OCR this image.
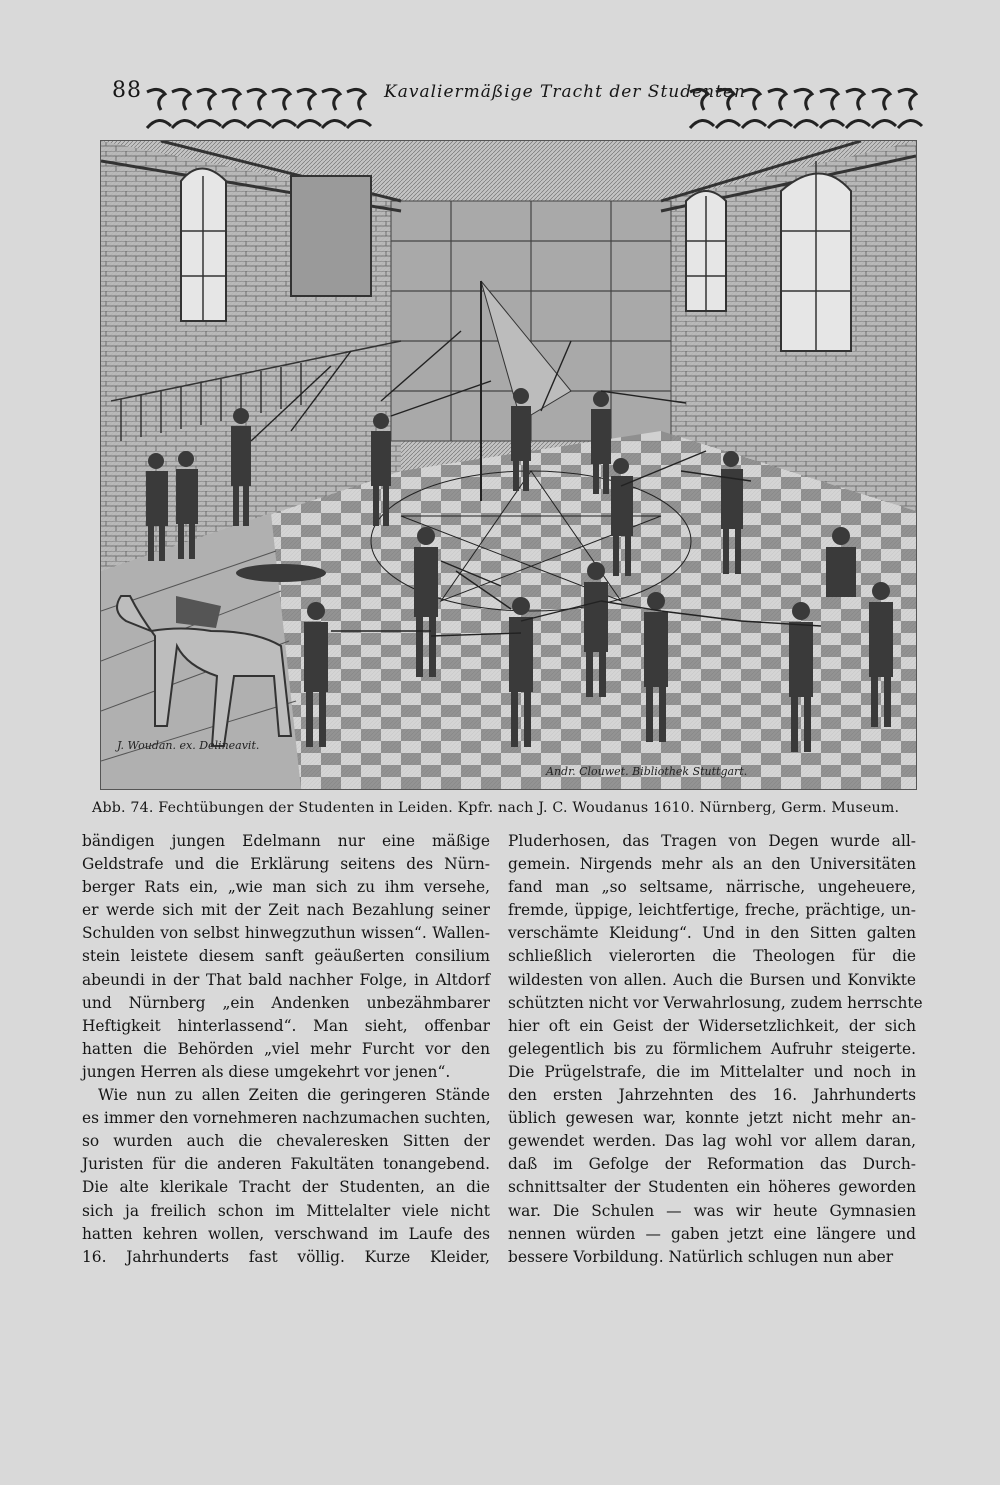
88	Kavaliermäßige Tracht der Studenten
J. Woudan. ex. Delineavit.
Andr. Clouwet. Bibliothek Stuttgart.
Abb. 74. Fechtübungen der Studenten in Leiden. Kpfr. nach J. C. Woudanus 1610. Nürnberg, Germ. Museum.
bändigen jungen Edelmann nur eine mäßige
Geldstrafe und die Erklärung seitens des Nürn-
berger Rats ein, „wie man sich zu ihm versehe,
er werde sich mit der Zeit nach Bezahlung seiner
Schulden von selbst hinwegzuthun wissen“. Wallen-
stein leistete diesem sanft geäußerten consilium
abeundi in der That bald nachher Folge, in Altdorf
und Nürnberg „ein Andenken unbezähmbarer
Heftigkeit hinterlassend“. Man sieht, offenbar
hatten die Behörden „viel mehr Furcht vor den
jungen Herren als diese umgekehrt vor jenen“.
Wie nun zu allen Zeiten die geringeren Stände
es immer den vornehmeren nachzumachen suchten,
so wurden auch die chevaleresken Sitten der
Juristen für die anderen Fakultäten tonangebend.
Die alte klerikale Tracht der Studenten, an die
sich ja freilich schon im Mittelalter viele nicht
hatten kehren wollen, verschwand im Laufe des
16. Jahrhunderts fast völlig. Kurze Kleider,
Pluderhosen, das Tragen von Degen wurde all-
gemein. Nirgends mehr als an den Universitäten
fand man „so seltsame, närrische, ungeheuere,
fremde, üppige, leichtfertige, freche, prächtige, un-
verschämte Kleidung“. Und in den Sitten galten
schließlich vielerorten die Theologen für die
wildesten von allen. Auch die Bursen und Konvikte
schützten nicht vor Verwahrlosung, zudem herrschte
hier oft ein Geist der Widersetzlichkeit, der sich
gelegentlich bis zu förmlichem Aufruhr steigerte.
Die Prügelstrafe, die im Mittelalter und noch in
den ersten Jahrzehnten des 16. Jahrhunderts
üblich gewesen war, konnte jetzt nicht mehr an-
gewendet werden. Das lag wohl vor allem daran,
daß im Gefolge der Reformation das Durch-
schnittsalter der Studenten ein höheres geworden
war. Die Schulen — was wir heute Gymnasien
nennen würden — gaben jetzt eine längere und
bessere Vorbildung. Natürlich schlugen nun aber
